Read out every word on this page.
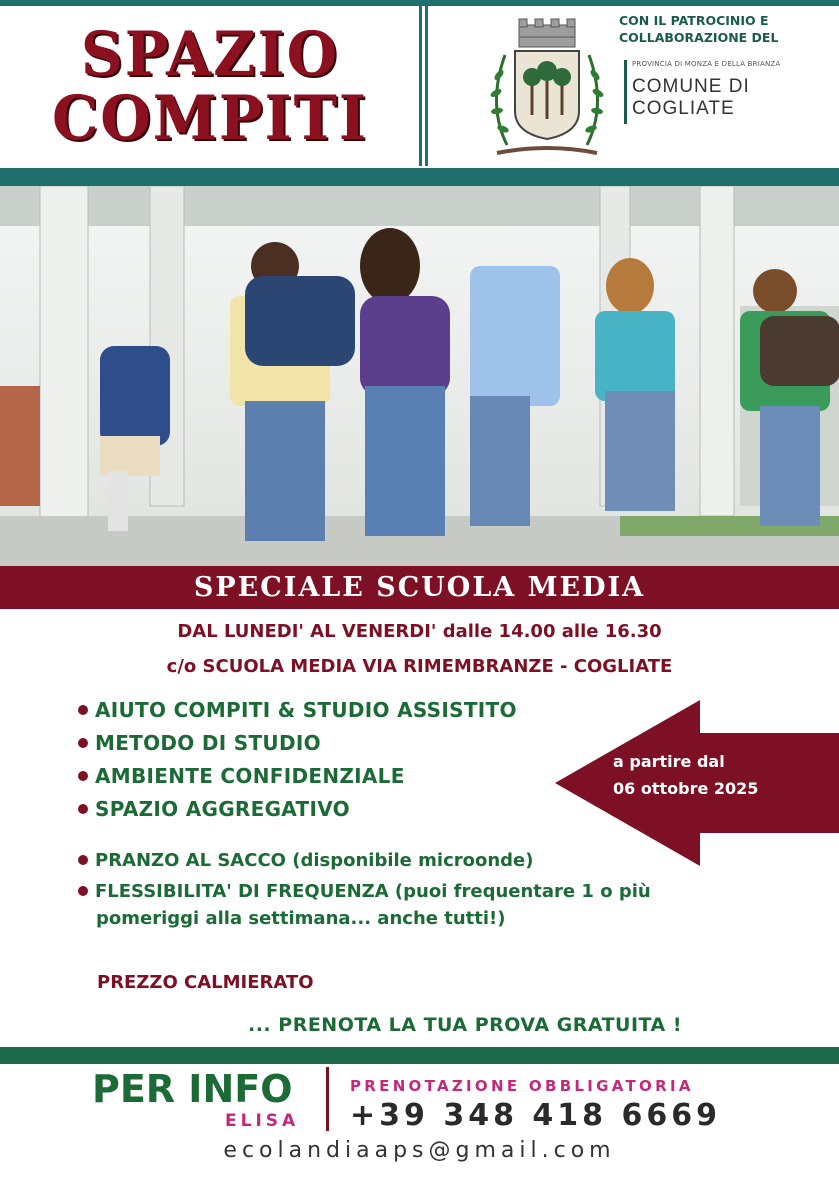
SPAZIO
COMPITI
CON IL PATROCINIO E
COLLABORAZIONE DEL
PROVINCIA DI MONZA E DELLA BRIANZA
COMUNE DI
COGLIATE
SPECIALE SCUOLA MEDIA
DAL LUNEDI' AL VENERDI' dalle 14.00 alle 16.30
c/o SCUOLA MEDIA VIA RIMEMBRANZE - COGLIATE
AIUTO COMPITI & STUDIO ASSISTITO
METODO DI STUDIO
AMBIENTE CONFIDENZIALE
SPAZIO AGGREGATIVO
a partire dal
06 ottobre 2025
PRANZO AL SACCO (disponibile microonde)
FLESSIBILITA' DI FREQUENZA (puoi frequentare 1 o più
pomeriggi alla settimana... anche tutti!)
PREZZO CALMIERATO
... PRENOTA LA TUA PROVA GRATUITA !
PER INFO
ELISA
PRENOTAZIONE OBBLIGATORIA
+39 348 418 6669
ecolandiaaps@gmail.com
